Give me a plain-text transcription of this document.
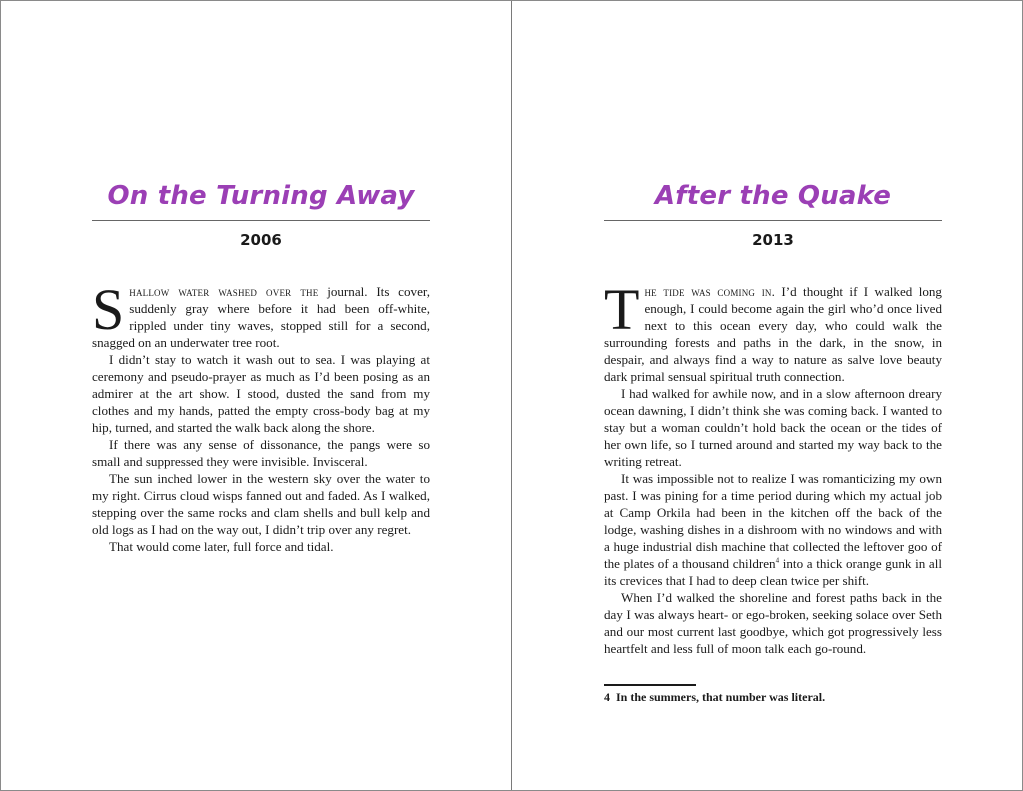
On the Turning Away
2006

Shallow water washed over the journal. Its cover, suddenly gray where before it had been off-white, rippled under tiny waves, stopped still for a second, snagged on an underwater tree root.

I didn’t stay to watch it wash out to sea. I was playing at ceremony and pseudo-prayer as much as I’d been posing as an admirer at the art show. I stood, dusted the sand from my clothes and my hands, patted the empty cross-body bag at my hip, turned, and started the walk back along the shore.

If there was any sense of dissonance, the pangs were so small and suppressed they were invisible. Invisceral.

The sun inched lower in the western sky over the water to my right. Cirrus cloud wisps fanned out and faded. As I walked, stepping over the same rocks and clam shells and bull kelp and old logs as I had on the way out, I didn’t trip over any regret.

That would come later, full force and tidal.

After the Quake
2013

The tide was coming in. I’d thought if I walked long enough, I could become again the girl who’d once lived next to this ocean every day, who could walk the surrounding forests and paths in the dark, in the snow, in despair, and always find a way to nature as salve love beauty dark primal sensual spiritual truth connection.

I had walked for awhile now, and in a slow afternoon dreary ocean dawning, I didn’t think she was coming back. I wanted to stay but a woman couldn’t hold back the ocean or the tides of her own life, so I turned around and started my way back to the writing retreat.

It was impossible not to realize I was romanticizing my own past. I was pining for a time period during which my actual job at Camp Orkila had been in the kitchen off the back of the lodge, washing dishes in a dishroom with no windows and with a huge industrial dish machine that collected the leftover goo of the plates of a thousand children$^4$ into a thick orange gunk in all its crevices that I had to deep clean twice per shift.

When I’d walked the shoreline and forest paths back in the day I was always heart- or ego-broken, seeking solace over Seth and our most current last goodbye, which got progressively less heartfelt and less full of moon talk each go-round.

4 In the summers, that number was literal.
